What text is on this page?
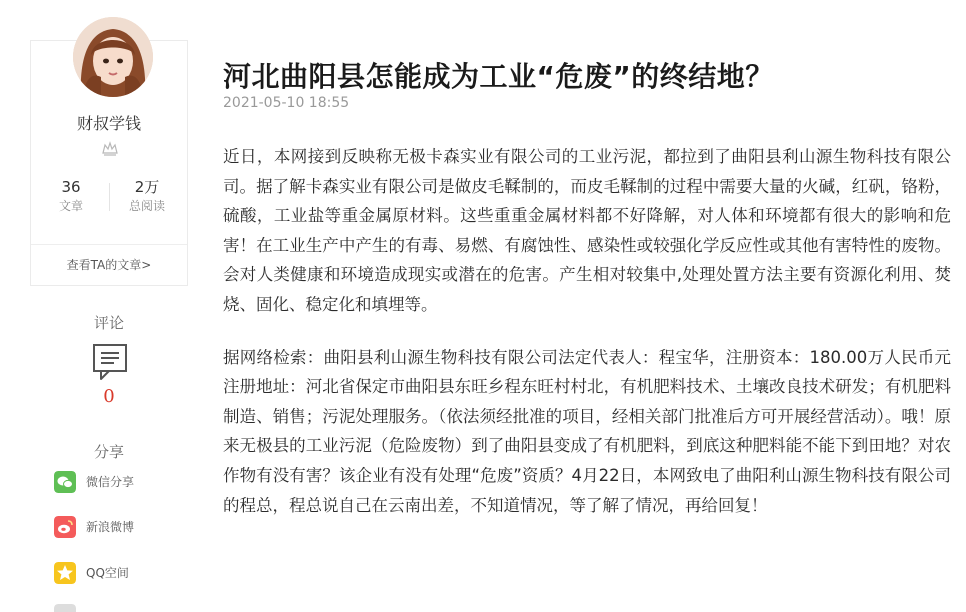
财叔学钱
36
文章
2万
总阅读
查看TA的文章>
评论
0
分享
微信分享
新浪微博
QQ空间
河北曲阳县怎能成为工业“危废”的终结地？
2021-05-10 18:55

近日，本网接到反映称无极卡森实业有限公司的工业污泥，都拉到了曲阳县利山源生物科技有限公司。据了解卡森实业有限公司是做皮毛鞣制的，而皮毛鞣制的过程中需要大量的火碱，红矾，铬粉，硫酸，工业盐等重金属原材料。这些重重金属材料都不好降解，对人体和环境都有很大的影响和危害！在工业生产中产生的有毒、易燃、有腐蚀性、感染性或较强化学反应性或其他有害特性的废物。会对人类健康和环境造成现实或潜在的危害。产生相对较集中,处理处置方法主要有资源化利用、焚烧、固化、稳定化和填埋等。

据网络检索：曲阳县利山源生物科技有限公司法定代表人：程宝华，注册资本：180.00万人民币元注册地址：河北省保定市曲阳县东旺乡程东旺村村北，有机肥料技术、土壤改良技术研发；有机肥料制造、销售；污泥处理服务。（依法须经批准的项目，经相关部门批准后方可开展经营活动）。哦！原来无极县的工业污泥（危险废物）到了曲阳县变成了有机肥料，到底这种肥料能不能下到田地？对农作物有没有害？该企业有没有处理“危废”资质？4月22日，本网致电了曲阳利山源生物科技有限公司的程总，程总说自己在云南出差，不知道情况，等了解了情况，再给回复！
